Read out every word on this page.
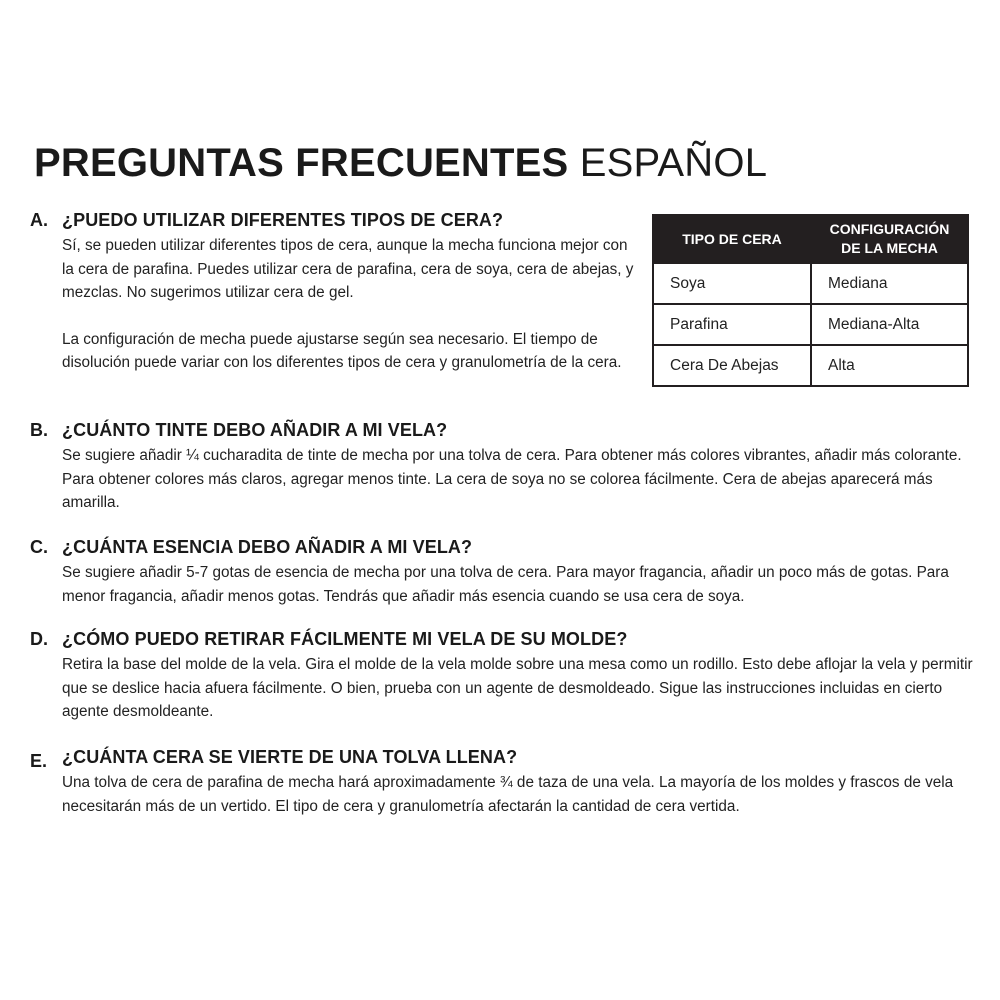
PREGUNTAS FRECUENTES ESPAÑOL
A. ¿PUEDO UTILIZAR DIFERENTES TIPOS DE CERA?

Sí, se pueden utilizar diferentes tipos de cera, aunque la mecha funciona mejor con la cera de parafina. Puedes utilizar cera de parafina, cera de soya, cera de abejas, y mezclas. No sugerimos utilizar cera de gel.

La configuración de mecha puede ajustarse según sea necesario. El tiempo de disolución puede variar con los diferentes tipos de cera y granulometría de la cera.

TIPO DE CERA	CONFIGURACIÓN DE LA MECHA
Soya	Mediana
Parafina	Mediana-Alta
Cera De Abejas	Alta
B. ¿CUÁNTO TINTE DEBO AÑADIR A MI VELA?

Se sugiere añadir ¼ cucharadita de tinte de mecha por una tolva de cera. Para obtener más colores vibrantes, añadir más colorante. Para obtener colores más claros, agregar menos tinte. La cera de soya no se colorea fácilmente. Cera de abejas aparecerá más amarilla.

C. ¿CUÁNTA ESENCIA DEBO AÑADIR A MI VELA?

Se sugiere añadir 5-7 gotas de esencia de mecha por una tolva de cera. Para mayor fragancia, añadir un poco más de gotas. Para menor fragancia, añadir menos gotas. Tendrás que añadir más esencia cuando se usa cera de soya.

D. ¿CÓMO PUEDO RETIRAR FÁCILMENTE MI VELA DE SU MOLDE?

Retira la base del molde de la vela. Gira el molde de la vela molde sobre una mesa como un rodillo. Esto debe aflojar la vela y permitir que se deslice hacia afuera fácilmente. O bien, prueba con un agente de desmoldeado. Sigue las instrucciones incluidas en cierto agente desmoldeante.

E. ¿CUÁNTA CERA SE VIERTE DE UNA TOLVA LLENA?

Una tolva de cera de parafina de mecha hará aproximadamente ¾ de taza de una vela. La mayoría de los moldes y frascos de vela necesitarán más de un vertido. El tipo de cera y granulometría afectarán la cantidad de cera vertida.
